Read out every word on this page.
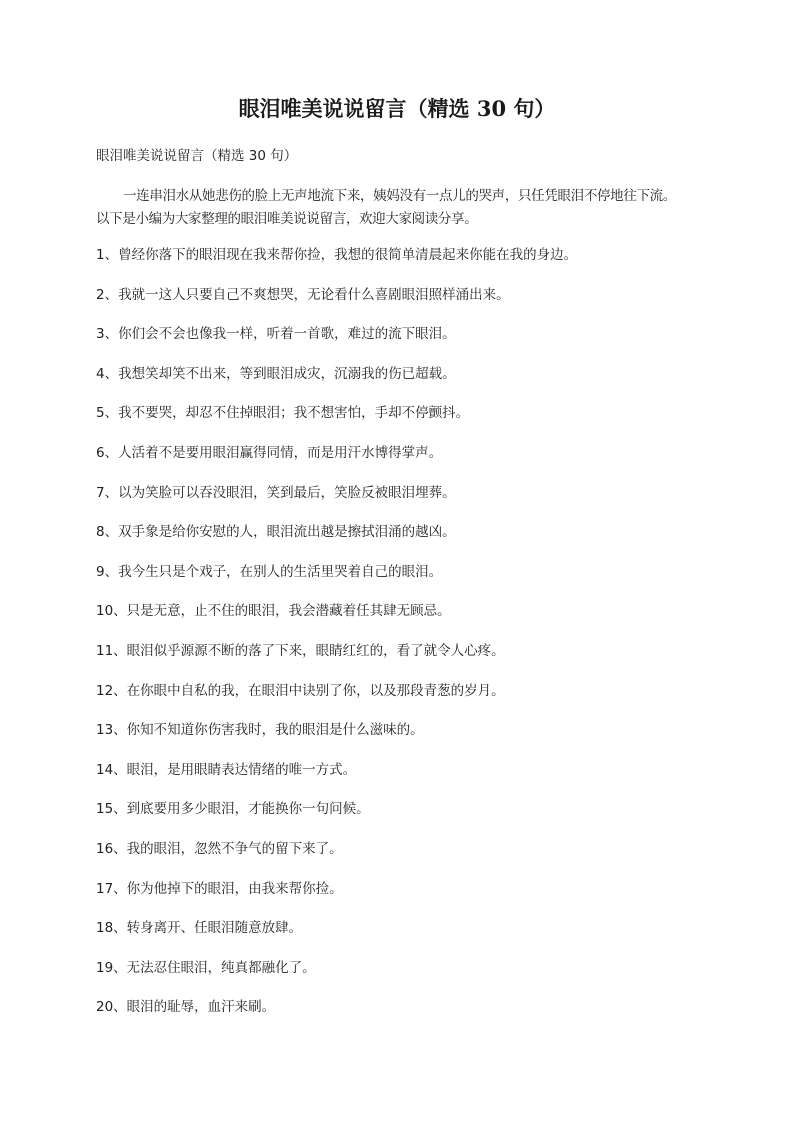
眼泪唯美说说留言（精选 30 句）

眼泪唯美说说留言（精选 30 句）

一连串泪水从她悲伤的脸上无声地流下来，姨妈没有一点儿的哭声，只任凭眼泪不停地往下流。以下是小编为大家整理的眼泪唯美说说留言，欢迎大家阅读分享。

1、曾经你落下的眼泪现在我来帮你捡，我想的很简单清晨起来你能在我的身边。
2、我就一这人只要自己不爽想哭，无论看什么喜剧眼泪照样涌出来。
3、你们会不会也像我一样，听着一首歌，难过的流下眼泪。
4、我想笑却笑不出来，等到眼泪成灾，沉溺我的伤已超载。
5、我不要哭，却忍不住掉眼泪；我不想害怕，手却不停颤抖。
6、人活着不是要用眼泪赢得同情，而是用汗水博得掌声。
7、以为笑脸可以吞没眼泪，笑到最后，笑脸反被眼泪埋葬。
8、双手象是给你安慰的人，眼泪流出越是擦拭泪涌的越凶。
9、我今生只是个戏子，在别人的生活里哭着自己的眼泪。
10、只是无意，止不住的眼泪，我会潜藏着任其肆无顾忌。
11、眼泪似乎源源不断的落了下来，眼睛红红的，看了就令人心疼。
12、在你眼中自私的我，在眼泪中诀别了你，以及那段青葱的岁月。
13、你知不知道你伤害我时，我的眼泪是什么滋味的。
14、眼泪，是用眼睛表达情绪的唯一方式。
15、到底要用多少眼泪，才能换你一句问候。
16、我的眼泪，忽然不争气的留下来了。
17、你为他掉下的眼泪，由我来帮你捡。
18、转身离开、任眼泪随意放肆。
19、无法忍住眼泪，纯真都融化了。
20、眼泪的耻辱，血汗来刷。
